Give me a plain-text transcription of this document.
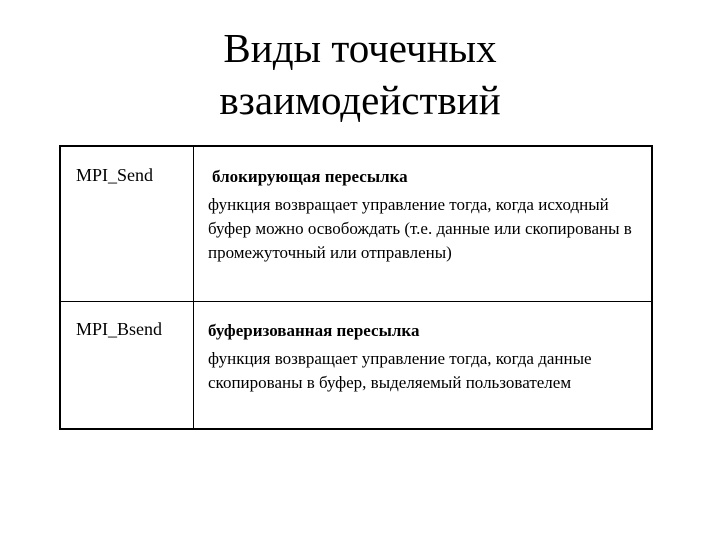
Виды точечных
взаимодействий
MPI_Send	блокирующая пересылка
функция возвращает управление тогда, когда исходный буфер можно освобождать (т.е. данные или скопированы в промежуточный или отправлены)
MPI_Bsend	буферизованная пересылка
функция возвращает управление тогда, когда данные скопированы в буфер, выделяемый пользователем
